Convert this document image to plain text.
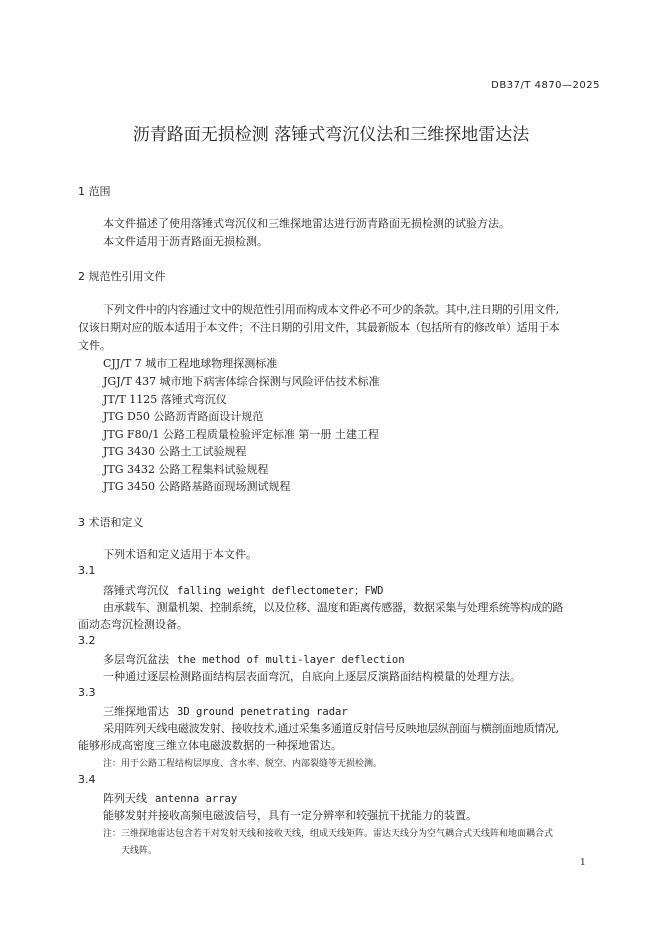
DB37/T 4870—2025
沥青路面无损检测 落锤式弯沉仪法和三维探地雷达法
1 范围
本文件描述了使用落锤式弯沉仪和三维探地雷达进行沥青路面无损检测的试验方法。
本文件适用于沥青路面无损检测。
2 规范性引用文件
下列文件中的内容通过文中的规范性引用而构成本文件必不可少的条款。其中,注日期的引用文件,
仅该日期对应的版本适用于本文件；不注日期的引用文件，其最新版本（包括所有的修改单）适用于本
文件。
CJJ/T 7 城市工程地球物理探测标准
JGJ/T 437 城市地下病害体综合探测与风险评估技术标准
JT/T 1125 落锤式弯沉仪
JTG D50 公路沥青路面设计规范
JTG F80/1 公路工程质量检验评定标准 第一册 土建工程
JTG 3430 公路土工试验规程
JTG 3432 公路工程集料试验规程
JTG 3450 公路路基路面现场测试规程
3 术语和定义
下列术语和定义适用于本文件。
3.1
落锤式弯沉仪 falling weight deflectometer；FWD
由承载车、测量机架、控制系统，以及位移、温度和距离传感器，数据采集与处理系统等构成的路
面动态弯沉检测设备。
3.2
多层弯沉盆法 the method of multi-layer deflection
一种通过逐层检测路面结构层表面弯沉，自底向上逐层反演路面结构模量的处理方法。
3.3
三维探地雷达 3D ground penetrating radar
采用阵列天线电磁波发射、接收技术,通过采集多通道反射信号反映地层纵剖面与横剖面地质情况,
能够形成高密度三维立体电磁波数据的一种探地雷达。
注：用于公路工程结构层厚度、含水率、脱空、内部裂缝等无损检测。
3.4
阵列天线 antenna array
能够发射并接收高频电磁波信号，具有一定分辨率和较强抗干扰能力的装置。
注：三维探地雷达包含若干对发射天线和接收天线，组成天线矩阵。雷达天线分为空气耦合式天线阵和地面耦合式
天线阵。
1
